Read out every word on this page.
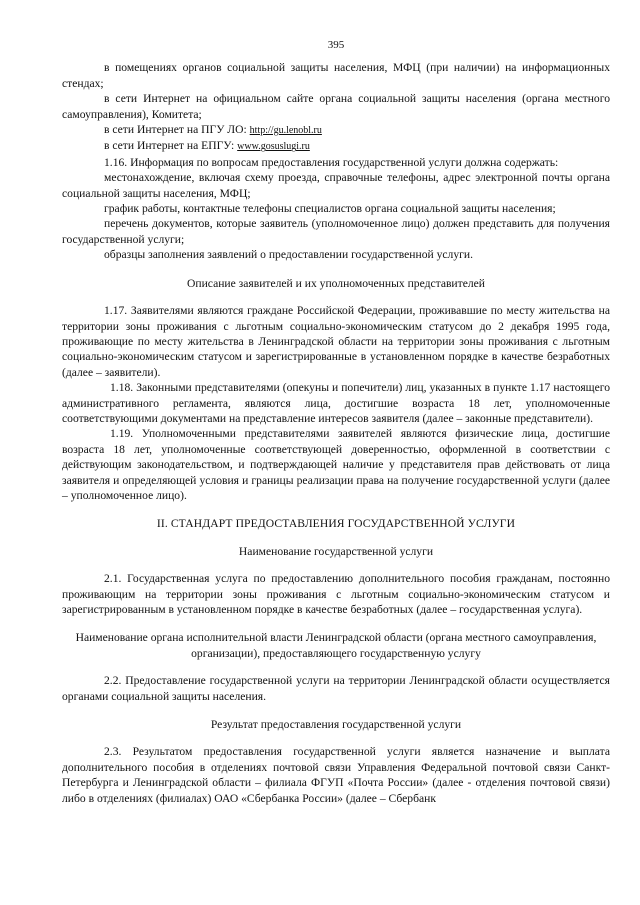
395

в помещениях органов социальной защиты населения, МФЦ (при наличии) на информационных стендах;

в сети Интернет на официальном сайте органа социальной защиты населения (органа местного самоуправления), Комитета;

в сети Интернет на ПГУ ЛО: http://gu.lenobl.ru

в сети Интернет на ЕПГУ: www.gosuslugi.ru

1.16. Информация по вопросам предоставления государственной услуги должна содержать:

местонахождение, включая схему проезда, справочные телефоны, адрес электронной почты органа социальной защиты населения, МФЦ;

график работы, контактные телефоны специалистов органа социальной защиты населения;

перечень документов, которые заявитель (уполномоченное лицо) должен представить для получения государственной услуги;

образцы заполнения заявлений о предоставлении государственной услуги.

Описание заявителей и их уполномоченных представителей

1.17. Заявителями являются граждане Российской Федерации, проживавшие по месту жительства на территории зоны проживания с льготным социально-экономическим статусом до 2 декабря 1995 года, проживающие по месту жительства в Ленинградской области на территории зоны проживания с льготным социально-экономическим статусом и зарегистрированные в установленном порядке в качестве безработных (далее – заявители).

1.18. Законными представителями (опекуны и попечители) лиц, указанных в пункте 1.17 настоящего административного регламента, являются лица, достигшие возраста 18 лет, уполномоченные соответствующими документами на представление интересов заявителя (далее – законные представители).

1.19. Уполномоченными представителями заявителей являются физические лица, достигшие возраста 18 лет, уполномоченные соответствующей доверенностью, оформленной в соответствии с действующим законодательством, и подтверждающей наличие у представителя прав действовать от лица заявителя и определяющей условия и границы реализации права на получение государственной услуги (далее – уполномоченное лицо).

II. СТАНДАРТ ПРЕДОСТАВЛЕНИЯ ГОСУДАРСТВЕННОЙ УСЛУГИ
Наименование государственной услуги

2.1. Государственная услуга по предоставлению дополнительного пособия гражданам, постоянно проживающим на территории зоны проживания с льготным социально-экономическим статусом и зарегистрированным в установленном порядке в качестве безработных (далее – государственная услуга).

Наименование органа исполнительной власти Ленинградской области (органа местного самоуправления, организации), предоставляющего государственную услугу

2.2. Предоставление государственной услуги на территории Ленинградской области осуществляется органами социальной защиты населения.

Результат предоставления государственной услуги

2.3. Результатом предоставления государственной услуги является назначение и выплата дополнительного пособия в отделениях почтовой связи Управления Федеральной почтовой связи Санкт-Петербурга и Ленинградской области – филиала ФГУП «Почта России» (далее - отделения почтовой связи) либо в отделениях (филиалах) ОАО «Сбербанка России» (далее – Сбербанк
